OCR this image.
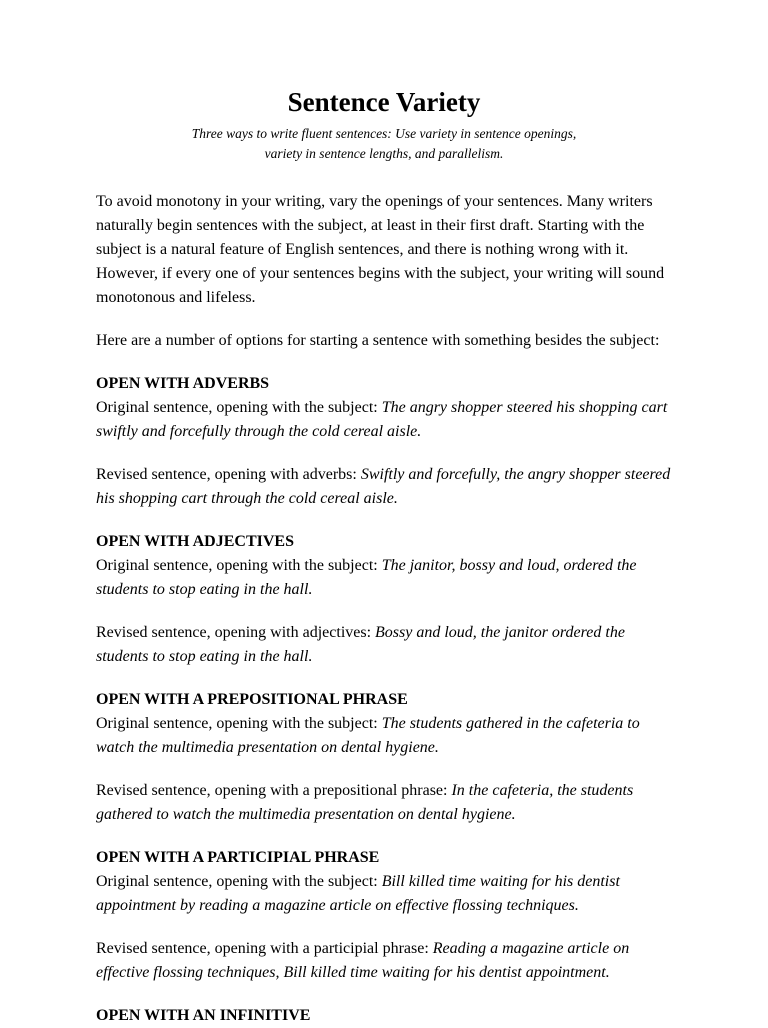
Sentence Variety
Three ways to write fluent sentences: Use variety in sentence openings,
variety in sentence lengths, and parallelism.

To avoid monotony in your writing, vary the openings of your sentences. Many writers naturally begin sentences with the subject, at least in their first draft. Starting with the subject is a natural feature of English sentences, and there is nothing wrong with it. However, if every one of your sentences begins with the subject, your writing will sound monotonous and lifeless.

Here are a number of options for starting a sentence with something besides the subject:

OPEN WITH ADVERBS

Original sentence, opening with the subject: The angry shopper steered his shopping cart swiftly and forcefully through the cold cereal aisle.

Revised sentence, opening with adverbs: Swiftly and forcefully, the angry shopper steered his shopping cart through the cold cereal aisle.

OPEN WITH ADJECTIVES

Original sentence, opening with the subject: The janitor, bossy and loud, ordered the students to stop eating in the hall.

Revised sentence, opening with adjectives: Bossy and loud, the janitor ordered the students to stop eating in the hall.

OPEN WITH A PREPOSITIONAL PHRASE

Original sentence, opening with the subject: The students gathered in the cafeteria to watch the multimedia presentation on dental hygiene.

Revised sentence, opening with a prepositional phrase: In the cafeteria, the students gathered to watch the multimedia presentation on dental hygiene.

OPEN WITH A PARTICIPIAL PHRASE

Original sentence, opening with the subject: Bill killed time waiting for his dentist appointment by reading a magazine article on effective flossing techniques.

Revised sentence, opening with a participial phrase: Reading a magazine article on effective flossing techniques, Bill killed time waiting for his dentist appointment.

OPEN WITH AN INFINITIVE
